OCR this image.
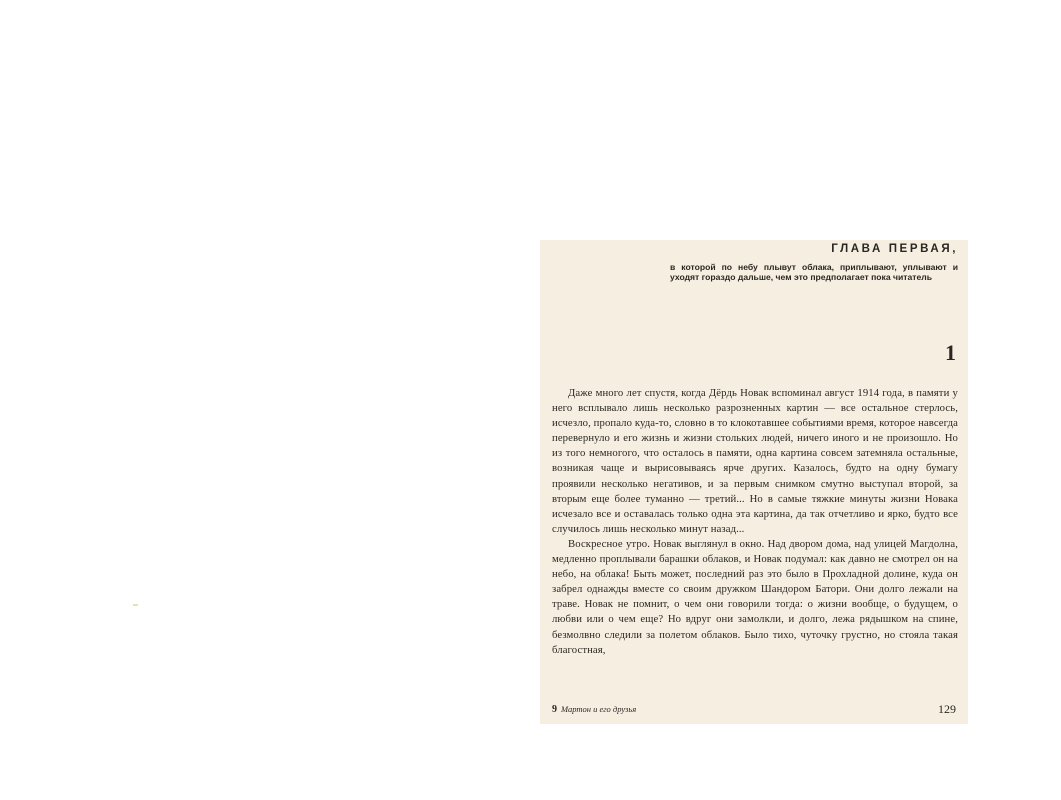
ГЛАВА ПЕРВАЯ,
в которой по небу плывут облака, приплывают, уплывают и уходят гораздо дальше, чем это предполагает пока читатель
1

Даже много лет спустя, когда Дёрдь Новак вспоминал август 1914 года, в памяти у него всплывало лишь несколько разрозненных картин — все остальное стерлось, исчезло, пропало куда-то, словно в то клокотавшее событиями время, которое навсегда перевернуло и его жизнь и жизни стольких людей, ничего иного и не произошло. Но из того немногого, что осталось в памяти, одна картина совсем затемняла остальные, возникая чаще и вырисовываясь ярче других. Казалось, будто на одну бумагу проявили несколько негативов, и за первым снимком смутно выступал второй, за вторым еще более туманно — третий... Но в самые тяжкие минуты жизни Новака исчезало все и оставалась только одна эта картина, да так отчетливо и ярко, будто все случилось лишь несколько минут назад...

Воскресное утро. Новак выглянул в окно. Над двором дома, над улицей Магдолна, медленно проплывали барашки облаков, и Новак подумал: как давно не смотрел он на небо, на облака! Быть может, последний раз это было в Прохладной долине, куда он забрел однажды вместе со своим дружком Шандором Батори. Они долго лежали на траве. Новак не помнит, о чем они говорили тогда: о жизни вообще, о будущем, о любви или о чем еще? Но вдруг они замолкли, и долго, лежа рядышком на спине, безмолвно следили за полетом облаков. Было тихо, чуточку грустно, но стояла такая благостная,

9 Мартон и его друзья	129
